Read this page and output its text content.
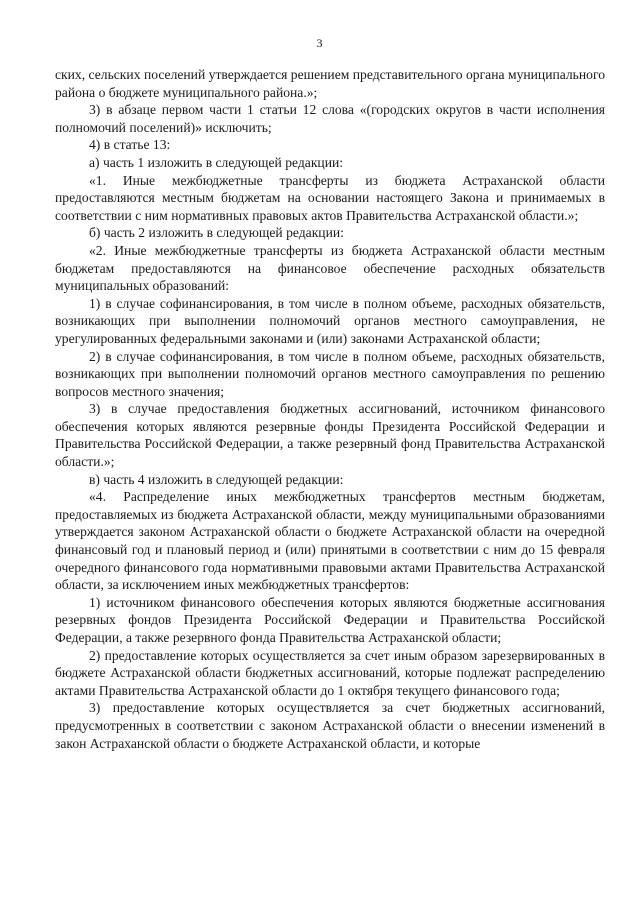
3

ских, сельских поселений утверждается решением представительного органа муниципального района о бюджете муниципального района.»;

3) в абзаце первом части 1 статьи 12 слова «(городских округов в части исполнения полномочий поселений)» исключить;

4) в статье 13:

а) часть 1 изложить в следующей редакции:

«1. Иные межбюджетные трансферты из бюджета Астраханской области предоставляются местным бюджетам на основании настоящего Закона и принимаемых в соответствии с ним нормативных правовых актов Правительства Астраханской области.»;

б) часть 2 изложить в следующей редакции:

«2. Иные межбюджетные трансферты из бюджета Астраханской области местным бюджетам предоставляются на финансовое обеспечение расходных обязательств муниципальных образований:

1) в случае софинансирования, в том числе в полном объеме, расходных обязательств, возникающих при выполнении полномочий органов местного самоуправления, не урегулированных федеральными законами и (или) законами Астраханской области;

2) в случае софинансирования, в том числе в полном объеме, расходных обязательств, возникающих при выполнении полномочий органов местного самоуправления по решению вопросов местного значения;

3) в случае предоставления бюджетных ассигнований, источником финансового обеспечения которых являются резервные фонды Президента Российской Федерации и Правительства Российской Федерации, а также резервный фонд Правительства Астраханской области.»;

в) часть 4 изложить в следующей редакции:

«4. Распределение иных межбюджетных трансфертов местным бюджетам, предоставляемых из бюджета Астраханской области, между муниципальными образованиями утверждается законом Астраханской области о бюджете Астраханской области на очередной финансовый год и плановый период и (или) принятыми в соответствии с ним до 15 февраля очередного финансового года нормативными правовыми актами Правительства Астраханской области, за исключением иных межбюджетных трансфертов:

1) источником финансового обеспечения которых являются бюджетные ассигнования резервных фондов Президента Российской Федерации и Правительства Российской Федерации, а также резервного фонда Правительства Астраханской области;

2) предоставление которых осуществляется за счет иным образом зарезервированных в бюджете Астраханской области бюджетных ассигнований, которые подлежат распределению актами Правительства Астраханской области до 1 октября текущего финансового года;

3) предоставление которых осуществляется за счет бюджетных ассигнований, предусмотренных в соответствии с законом Астраханской области о внесении изменений в закон Астраханской области о бюджете Астраханской области, и которые
